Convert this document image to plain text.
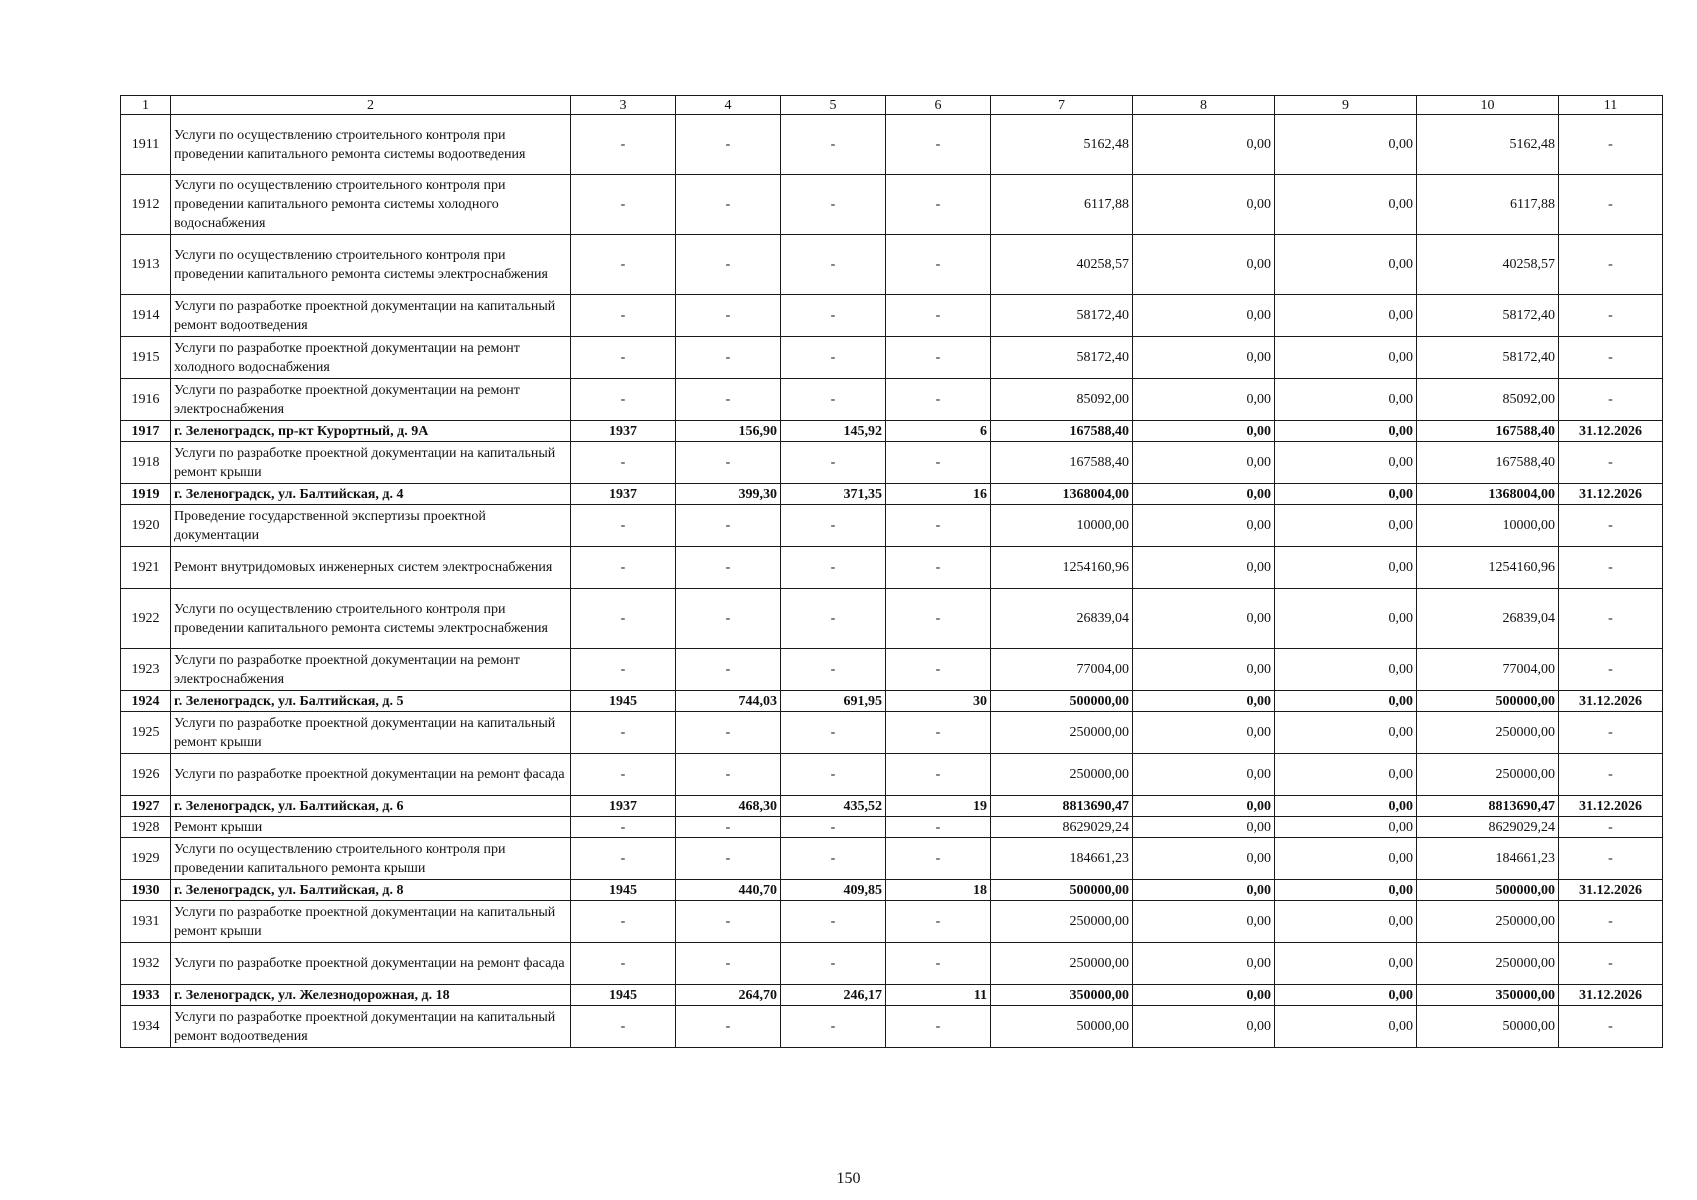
1	2	3	4	5	6	7	8	9	10	11
1911	Услуги по осуществлению строительного контроля при проведении капитального ремонта системы водоотведения	-	-	-	-	5162,48	0,00	0,00	5162,48	-
1912	Услуги по осуществлению строительного контроля при проведении капитального ремонта системы холодного водоснабжения	-	-	-	-	6117,88	0,00	0,00	6117,88	-
1913	Услуги по осуществлению строительного контроля при проведении капитального ремонта системы электроснабжения	-	-	-	-	40258,57	0,00	0,00	40258,57	-
1914	Услуги по разработке проектной документации на капитальный ремонт водоотведения	-	-	-	-	58172,40	0,00	0,00	58172,40	-
1915	Услуги по разработке проектной документации на ремонт холодного водоснабжения	-	-	-	-	58172,40	0,00	0,00	58172,40	-
1916	Услуги по разработке проектной документации на ремонт электроснабжения	-	-	-	-	85092,00	0,00	0,00	85092,00	-
1917	г. Зеленоградск, пр-кт Курортный, д. 9А	1937	156,90	145,92	6	167588,40	0,00	0,00	167588,40	31.12.2026
1918	Услуги по разработке проектной документации на капитальный ремонт крыши	-	-	-	-	167588,40	0,00	0,00	167588,40	-
1919	г. Зеленоградск, ул. Балтийская, д. 4	1937	399,30	371,35	16	1368004,00	0,00	0,00	1368004,00	31.12.2026
1920	Проведение государственной экспертизы проектной документации	-	-	-	-	10000,00	0,00	0,00	10000,00	-
1921	Ремонт внутридомовых инженерных систем электроснабжения	-	-	-	-	1254160,96	0,00	0,00	1254160,96	-
1922	Услуги по осуществлению строительного контроля при проведении капитального ремонта системы электроснабжения	-	-	-	-	26839,04	0,00	0,00	26839,04	-
1923	Услуги по разработке проектной документации на ремонт электроснабжения	-	-	-	-	77004,00	0,00	0,00	77004,00	-
1924	г. Зеленоградск, ул. Балтийская, д. 5	1945	744,03	691,95	30	500000,00	0,00	0,00	500000,00	31.12.2026
1925	Услуги по разработке проектной документации на капитальный ремонт крыши	-	-	-	-	250000,00	0,00	0,00	250000,00	-
1926	Услуги по разработке проектной документации на ремонт фасада	-	-	-	-	250000,00	0,00	0,00	250000,00	-
1927	г. Зеленоградск, ул. Балтийская, д. 6	1937	468,30	435,52	19	8813690,47	0,00	0,00	8813690,47	31.12.2026
1928	Ремонт крыши	-	-	-	-	8629029,24	0,00	0,00	8629029,24	-
1929	Услуги по осуществлению строительного контроля при проведении капитального ремонта крыши	-	-	-	-	184661,23	0,00	0,00	184661,23	-
1930	г. Зеленоградск, ул. Балтийская, д. 8	1945	440,70	409,85	18	500000,00	0,00	0,00	500000,00	31.12.2026
1931	Услуги по разработке проектной документации на капитальный ремонт крыши	-	-	-	-	250000,00	0,00	0,00	250000,00	-
1932	Услуги по разработке проектной документации на ремонт фасада	-	-	-	-	250000,00	0,00	0,00	250000,00	-
1933	г. Зеленоградск, ул. Железнодорожная, д. 18	1945	264,70	246,17	11	350000,00	0,00	0,00	350000,00	31.12.2026
1934	Услуги по разработке проектной документации на капитальный ремонт водоотведения	-	-	-	-	50000,00	0,00	0,00	50000,00	-
150
